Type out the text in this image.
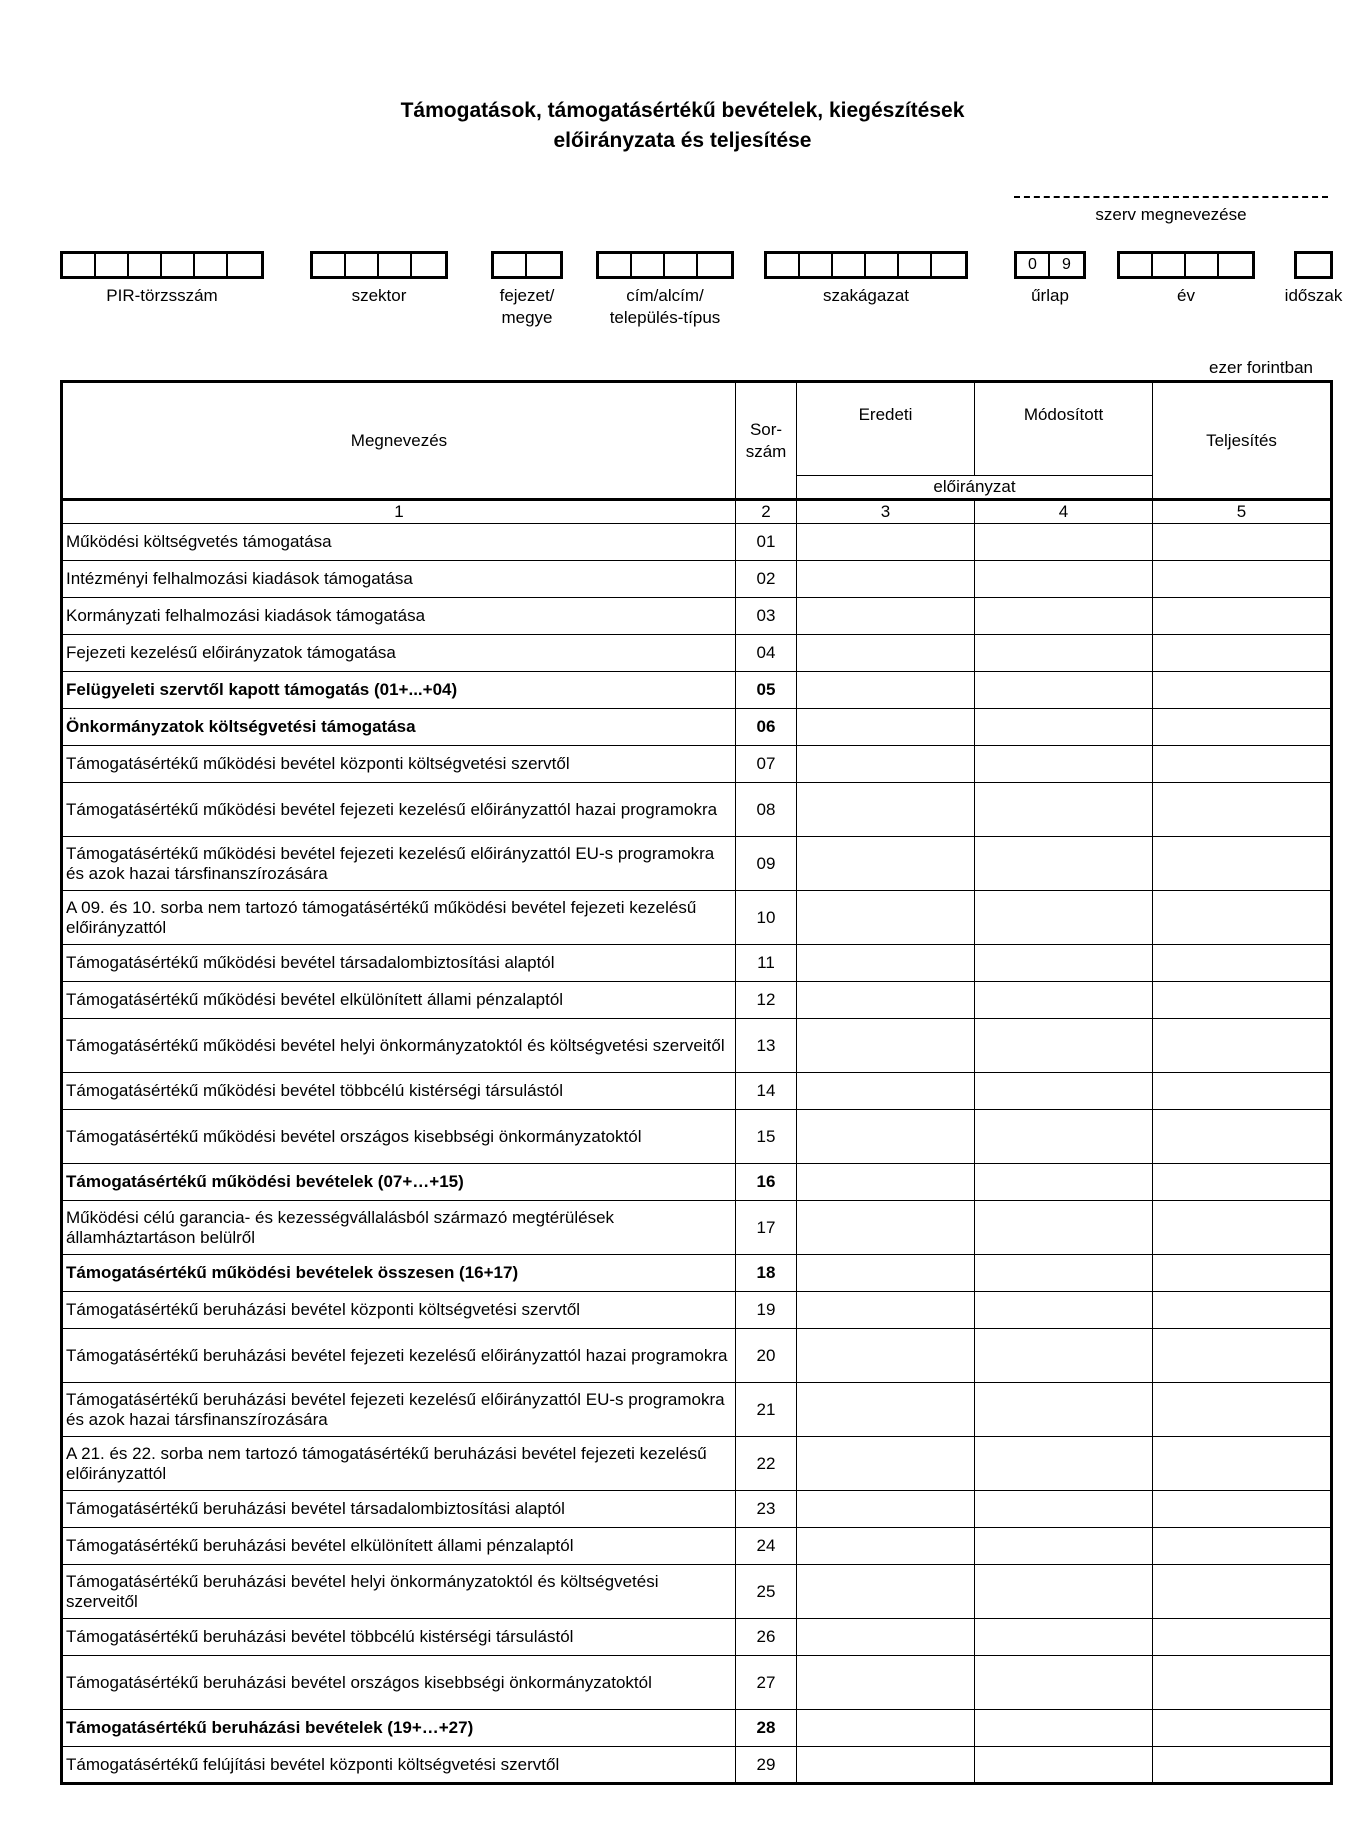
Támogatások, támogatásértékű bevételek, kiegészítések
előirányzata és teljesítése
szerv megnevezése
PIR-törzsszám	szektor	fejezet/
megye
cím/alcím/
település-típus
szakágazat
0	9
űrlap	év	időszak
ezer forintban
Megnevezés	Sor-
szám	Eredeti	Módosított	Teljesítés
		előirányzat		
1	2	3	4	5
Működési költségvetés támogatása	01			
Intézményi felhalmozási kiadások támogatása	02			
Kormányzati felhalmozási kiadások támogatása	03			
Fejezeti kezelésű előirányzatok támogatása	04			
Felügyeleti szervtől kapott támogatás (01+...+04)	05			
Önkormányzatok költségvetési támogatása	06			
Támogatásértékű működési bevétel központi költségvetési szervtől	07			
Támogatásértékű működési bevétel fejezeti kezelésű előirányzattól hazai programokra	08			
Támogatásértékű működési bevétel fejezeti kezelésű előirányzattól EU-s programokra és azok hazai társfinanszírozására	09			
A 09. és 10. sorba nem tartozó támogatásértékű működési bevétel fejezeti kezelésű előirányzattól	10			
Támogatásértékű működési bevétel társadalombiztosítási alaptól	11			
Támogatásértékű működési bevétel elkülönített állami pénzalaptól	12			
Támogatásértékű működési bevétel helyi önkormányzatoktól és költségvetési szerveitől	13			
Támogatásértékű működési bevétel többcélú kistérségi társulástól	14			
Támogatásértékű működési bevétel országos kisebbségi önkormányzatoktól	15			
Támogatásértékű működési bevételek (07+…+15)	16			
Működési célú garancia- és kezességvállalásból származó megtérülések államháztartáson belülről	17			
Támogatásértékű működési bevételek összesen (16+17)	18			
Támogatásértékű beruházási bevétel központi költségvetési szervtől	19			
Támogatásértékű beruházási bevétel fejezeti kezelésű előirányzattól hazai programokra	20			
Támogatásértékű beruházási bevétel fejezeti kezelésű előirányzattól EU-s programokra és azok hazai társfinanszírozására	21			
A 21. és 22. sorba nem tartozó támogatásértékű beruházási bevétel fejezeti kezelésű előirányzattól	22			
Támogatásértékű beruházási bevétel társadalombiztosítási alaptól	23			
Támogatásértékű beruházási bevétel elkülönített állami pénzalaptól	24			
Támogatásértékű beruházási bevétel helyi önkormányzatoktól és költségvetési szerveitől	25			
Támogatásértékű beruházási bevétel többcélú kistérségi társulástól	26			
Támogatásértékű beruházási bevétel országos kisebbségi önkormányzatoktól	27			
Támogatásértékű beruházási bevételek (19+…+27)	28			
Támogatásértékű felújítási bevétel központi költségvetési szervtől	29			
